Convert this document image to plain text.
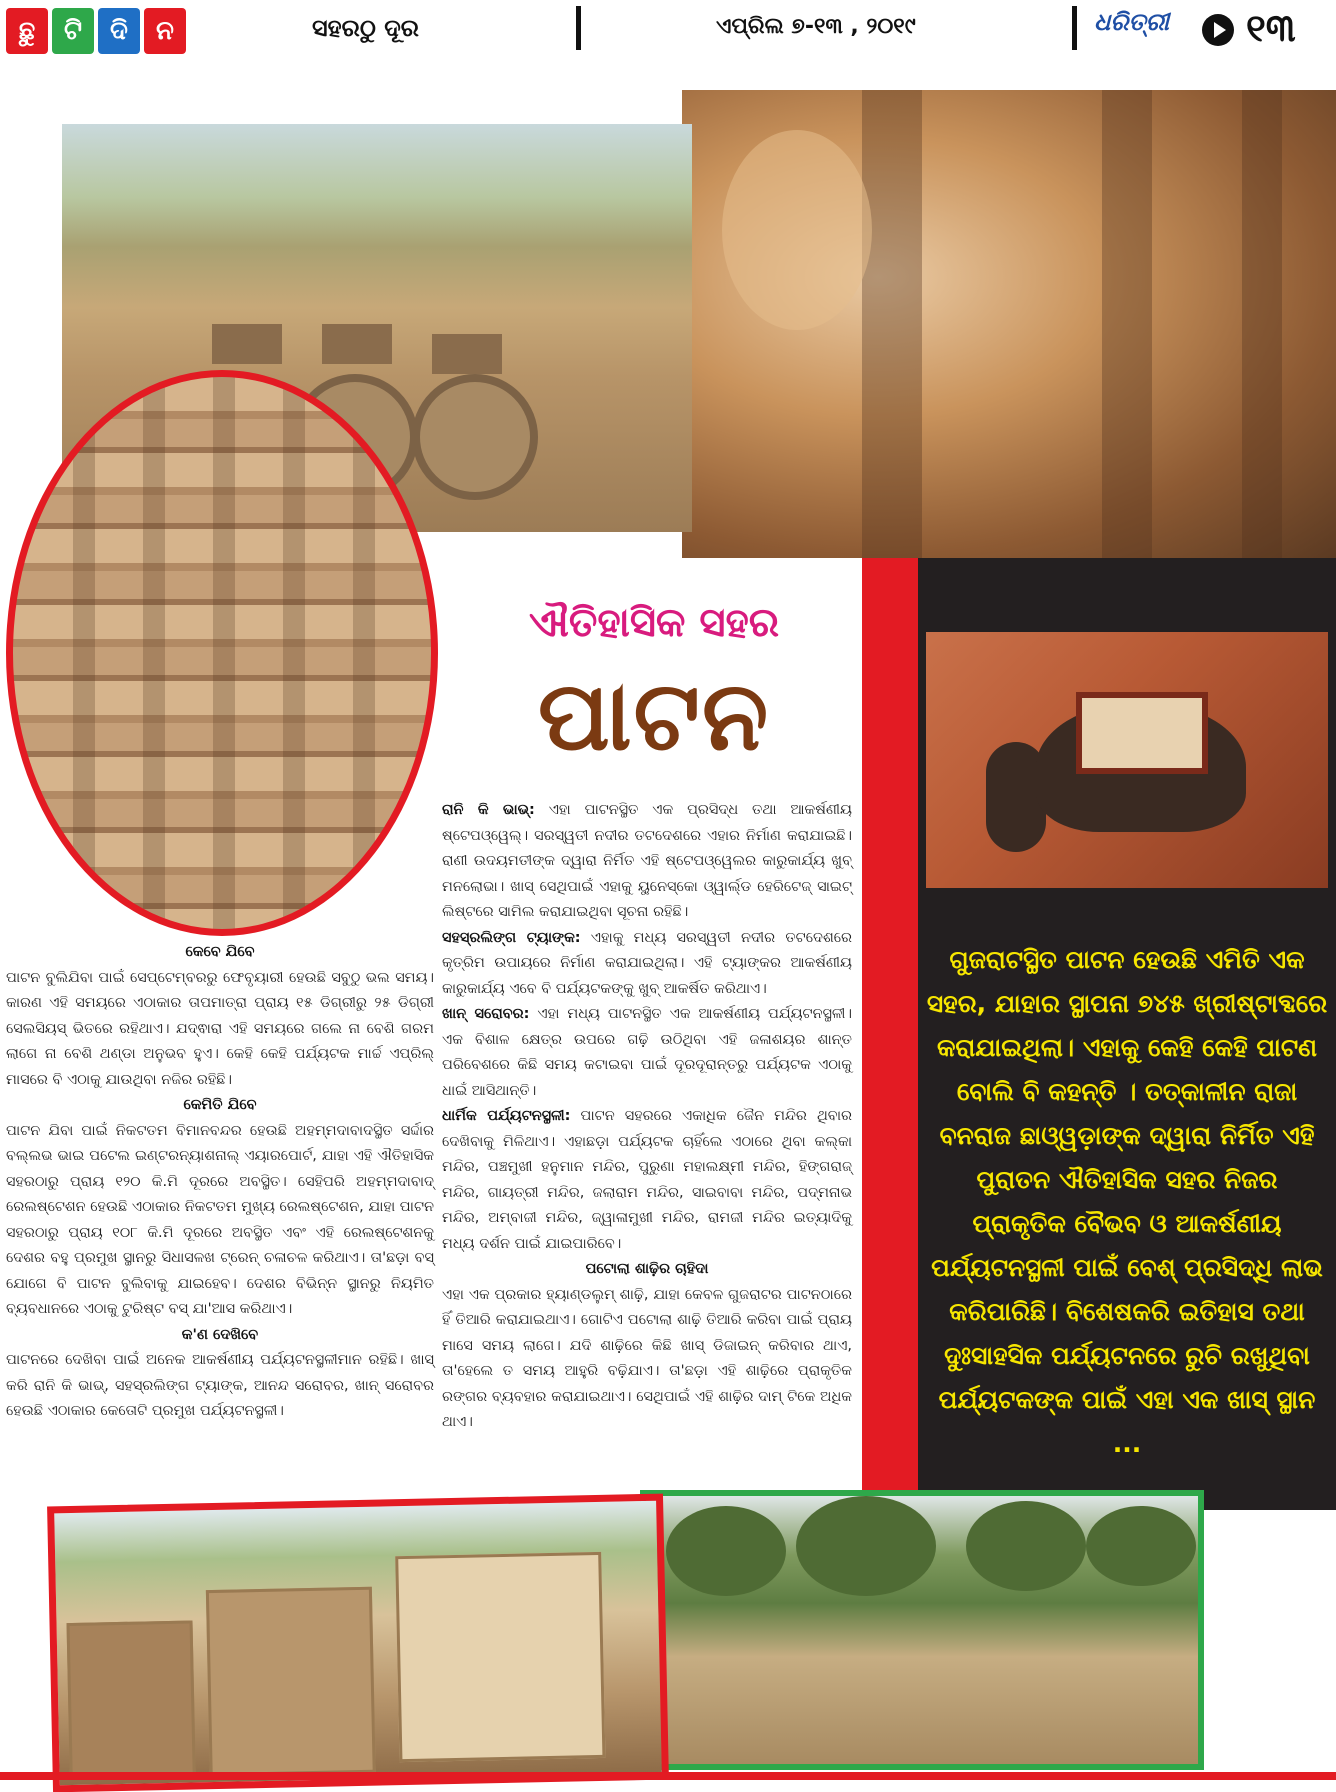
ଛୁ	ଟି	ଦି	ନ	ସହରଠୁ ଦୂର	ଏପ୍ରିଲ ୭-୧୩ , ୨୦୧୯	ଧରିତ୍ରୀ ୧୩
ଗୁଜରାଟସ୍ଥିତ ପାଟନ ହେଉଛି ଏମିତି ଏକ ସହର, ଯାହାର ସ୍ଥାପନା ୭୪୫ ଖ୍ରୀଷ୍ଟାବ୍ଦରେ କରାଯାଇଥିଲା। ଏହାକୁ କେହି କେହି ପାଟଣ ବୋଲି ବି କହନ୍ତି । ତତ୍କାଳୀନ ରାଜା ବନରାଜ ଛାଓ୍ୱଡ଼ାଙ୍କ ଦ୍ୱାରା ନିର୍ମିତ ଏହି ପୁରାତନ ଐତିହାସିକ ସହର ନିଜର ପ୍ରାକୃତିକ ବୈଭବ ଓ ଆକର୍ଷଣୀୟ ପର୍ଯ୍ୟଟନସ୍ଥଳୀ ପାଇଁ ବେଶ୍ ପ୍ରସିଦ୍ଧି ଲାଭ କରିପାରିଛି। ବିଶେଷକରି ଇତିହାସ ତଥା ଦୁଃସାହସିକ ପର୍ଯ୍ୟଟନରେ ରୁଚି ରଖୁଥିବା ପର୍ଯ୍ୟଟକଙ୍କ ପାଇଁ ଏହା ଏକ ଖାସ୍ ସ୍ଥାନ ...
ଐତିହାସିକ ସହର
ପାଟନ

ରାନି କି ଭାଭ୍: ଏହା ପାଟନସ୍ଥିତ ଏକ ପ୍ରସିଦ୍ଧ ତଥା ଆକର୍ଷଣୀୟ ଷ୍ଟେପଓ୍ୱେଲ୍। ସରସ୍ୱତୀ ନଦୀର ତଟଦେଶରେ ଏହାର ନିର୍ମାଣ କରାଯାଇଛି। ରାଣୀ ଉଦୟମତୀଙ୍କ ଦ୍ୱାରା ନିର୍ମିତ ଏହି ଷ୍ଟେପଓ୍ୱେଲର କାରୁକାର୍ଯ୍ୟ ଖୁବ୍ ମନଲୋଭା। ଖାସ୍ ସେଥିପାଇଁ ଏହାକୁ ୟୁନେସ୍କୋ ଓ୍ୱାର୍ଲ୍ଡ ହେରିଟେଜ୍ ସାଇଟ୍ ଲିଷ୍ଟରେ ସାମିଲ କରାଯାଇଥିବା ସୂଚନା ରହିଛି।

ସହସ୍ରଲିଙ୍ଗ ଟ୍ୟାଙ୍କ: ଏହାକୁ ମଧ୍ୟ ସରସ୍ୱତୀ ନଦୀର ତଟଦେଶରେ କୃତ୍ରିମ ଉପାୟରେ ନିର୍ମାଣ କରାଯାଇଥିଲା। ଏହି ଟ୍ୟାଙ୍କର ଆକର୍ଷଣୀୟ କାରୁକାର୍ଯ୍ୟ ଏବେ ବି ପର୍ଯ୍ୟଟକଙ୍କୁ ଖୁବ୍ ଆକର୍ଷିତ କରିଥାଏ।

ଖାନ୍ ସରୋବର: ଏହା ମଧ୍ୟ ପାଟନସ୍ଥିତ ଏକ ଆକର୍ଷଣୀୟ ପର୍ଯ୍ୟଟନସ୍ଥଳୀ। ଏକ ବିଶାଳ କ୍ଷେତ୍ର ଉପରେ ଗଢ଼ି ଉଠିଥିବା ଏହି ଜଳାଶୟର ଶାନ୍ତ ପରିବେଶରେ କିଛି ସମୟ କଟାଇବା ପାଇଁ ଦୂରଦୂରାନ୍ତରୁ ପର୍ଯ୍ୟଟକ ଏଠାକୁ ଧାଇଁ ଆସିଥାନ୍ତି।

ଧାର୍ମିକ ପର୍ଯ୍ୟଟନସ୍ଥଳୀ: ପାଟନ ସହରରେ ଏକାଧିକ ଜୈନ ମନ୍ଦିର ଥିବାର ଦେଖିବାକୁ ମିଳିଥାଏ। ଏହାଛଡ଼ା ପର୍ଯ୍ୟଟକ ଚାହିଁଲେ ଏଠାରେ ଥିବା କଲ୍କା ମନ୍ଦିର, ପଞ୍ଚମୁଖୀ ହନୁମାନ ମନ୍ଦିର, ପୁରୁଣା ମହାଲକ୍ଷ୍ମୀ ମନ୍ଦିର, ହିଙ୍ଗରାଜ୍ ମନ୍ଦିର, ଗାୟତ୍ରୀ ମନ୍ଦିର, ଜଲାରାମ ମନ୍ଦିର, ସାଇବାବା ମନ୍ଦିର, ପଦ୍ମନାଭ ମନ୍ଦିର, ଅମ୍ବାଜୀ ମନ୍ଦିର, ଜ୍ୱାଳାମୁଖୀ ମନ୍ଦିର, ରାମଜୀ ମନ୍ଦିର ଇତ୍ୟାଦିକୁ ମଧ୍ୟ ଦର୍ଶନ ପାଇଁ ଯାଇପାରିବେ।

ପଟୋଲା ଶାଢ଼ିର ଚାହିଦା

ଏହା ଏକ ପ୍ରକାର ହ୍ୟାଣ୍ଡଲୁମ୍ ଶାଢ଼ି, ଯାହା କେବଳ ଗୁଜରାଟର ପାଟନଠାରେ ହିଁ ତିଆରି କରାଯାଇଥାଏ। ଗୋଟିଏ ପଟୋଲା ଶାଢ଼ି ତିଆରି କରିବା ପାଇଁ ପ୍ରାୟ ମାସେ ସମୟ ଲାଗେ। ଯଦି ଶାଢ଼ିରେ କିଛି ଖାସ୍ ଡିଜାଇନ୍ କରିବାର ଥାଏ, ତା'ହେଲେ ତ ସମୟ ଆହୁରି ବଢ଼ିଯାଏ। ତା'ଛଡ଼ା ଏହି ଶାଢ଼ିରେ ପ୍ରାକୃତିକ ରଙ୍ଗର ବ୍ୟବହାର କରାଯାଇଥାଏ। ସେଥିପାଇଁ ଏହି ଶାଢ଼ିର ଦାମ୍ ଟିକେ ଅଧିକ ଥାଏ।

କେବେ ଯିବେ

ପାଟନ ବୁଲିଯିବା ପାଇଁ ସେପ୍ଟେମ୍ବରରୁ ଫେବୃୟାରୀ ହେଉଛି ସବୁଠୁ ଭଲ ସମୟ। କାରଣ ଏହି ସମୟରେ ଏଠାକାର ତାପମାତ୍ରା ପ୍ରାୟ ୧୫ ଡିଗ୍ରୀରୁ ୨୫ ଡିଗ୍ରୀ ସେଲସିୟସ୍ ଭିତରେ ରହିଥାଏ। ଯଦ୍ଵାରା ଏହି ସମୟରେ ଗଲେ ନା ବେଶି ଗରମ ଲାଗେ ନା ବେଶି ଥଣ୍ଡା ଅନୁଭବ ହୁଏ। କେହି କେହି ପର୍ଯ୍ୟଟକ ମାର୍ଚ୍ଚ ଏପ୍ରିଲ୍ ମାସରେ ବି ଏଠାକୁ ଯାଉଥିବା ନଜିର ରହିଛି।

କେମିତି ଯିବେ

ପାଟନ ଯିବା ପାଇଁ ନିକଟତମ ବିମାନବନ୍ଦର ହେଉଛି ଅହମ୍ମଦାବାଦସ୍ଥିତ ସର୍ଦ୍ଦାର ବଲ୍ଲଭ ଭାଇ ପଟେଲ ଇଣ୍ଟରନ୍ୟାଶନାଲ୍ ଏୟାରପୋର୍ଟ, ଯାହା ଏହି ଐତିହାସିକ ସହରଠାରୁ ପ୍ରାୟ ୧୨୦ କି.ମି ଦୂରରେ ଅବସ୍ଥିତ। ସେହିପରି ଅହମ୍ମଦାବାଦ୍ ରେଲଷ୍ଟେଶନ ହେଉଛି ଏଠାକାର ନିକଟତମ ମୁଖ୍ୟ ରେଲଷ୍ଟେଶନ, ଯାହା ପାଟନ ସହରଠାରୁ ପ୍ରାୟ ୧୦୮ କି.ମି ଦୂରରେ ଅବସ୍ଥିତ ଏବଂ ଏହି ରେଲଷ୍ଟେଶନକୁ ଦେଶର ବହୁ ପ୍ରମୁଖ ସ୍ଥାନରୁ ସିଧାସଳଖ ଟ୍ରେନ୍ ଚଳାଚଳ କରିଥାଏ। ତା'ଛଡ଼ା ବସ୍ ଯୋଗେ ବି ପାଟନ ବୁଲିବାକୁ ଯାଇହେବ। ଦେଶର ବିଭିନ୍ନ ସ୍ଥାନରୁ ନିୟମିତ ବ୍ୟବଧାନରେ ଏଠାକୁ ଟୁରିଷ୍ଟ ବସ୍ ଯା'ଆସ କରିଥାଏ।

କ'ଣ ଦେଖିବେ

ପାଟନରେ ଦେଖିବା ପାଇଁ ଅନେକ ଆକର୍ଷଣୀୟ ପର୍ଯ୍ୟଟନସ୍ଥଳୀମାନ ରହିଛି। ଖାସ୍ କରି ରାନି କି ଭାଭ୍, ସହସ୍ରଲିଙ୍ଗ ଟ୍ୟାଙ୍କ, ଆନନ୍ଦ ସରୋବର, ଖାନ୍ ସରୋବର ହେଉଛି ଏଠାକାର କେତୋଟି ପ୍ରମୁଖ ପର୍ଯ୍ୟଟନସ୍ଥଳୀ।
